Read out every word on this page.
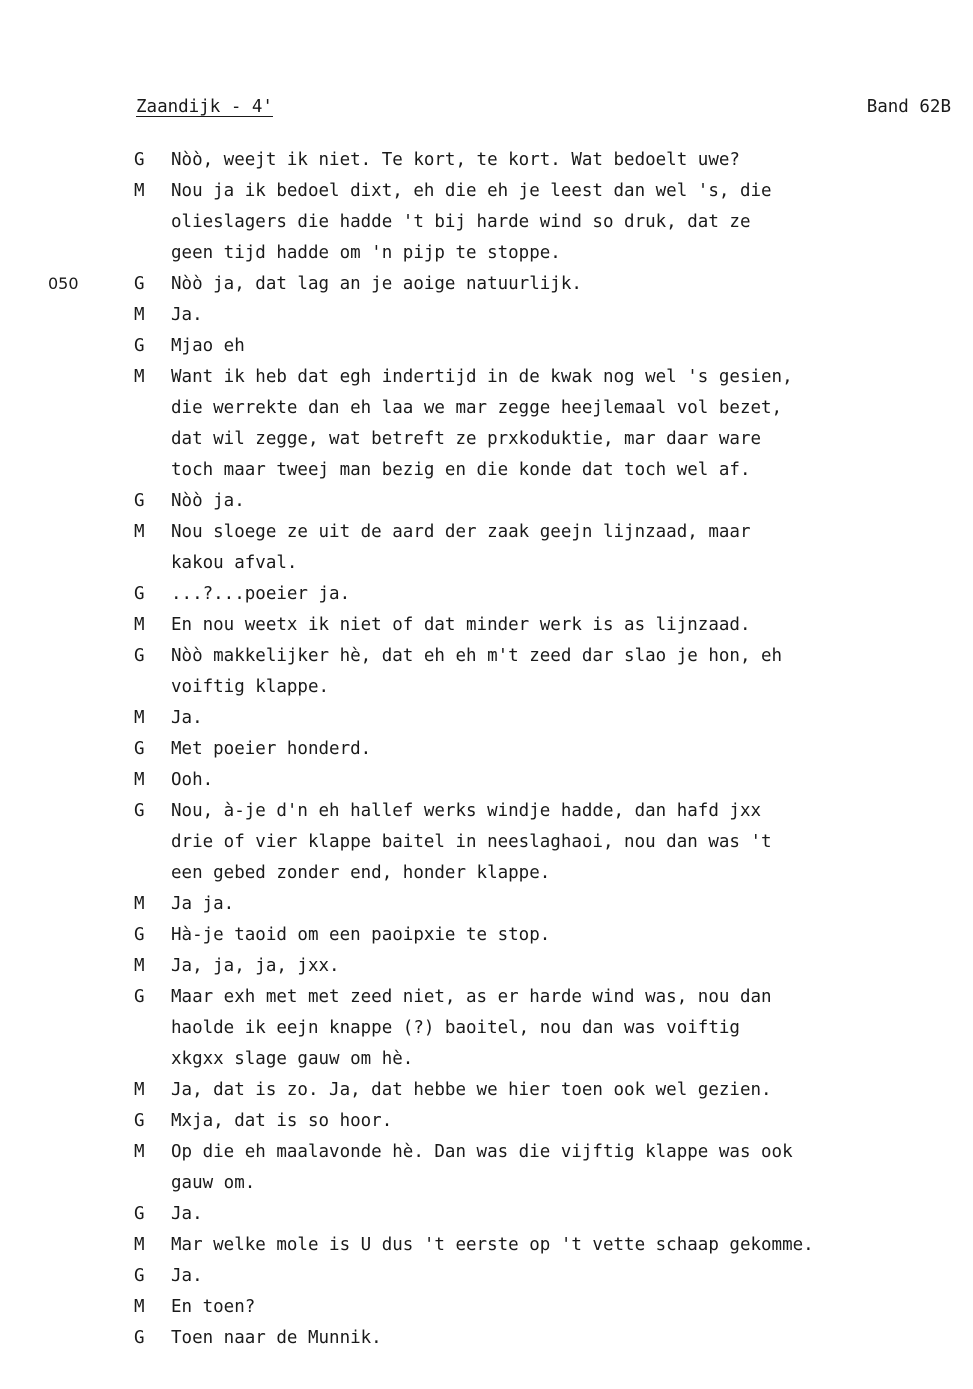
Zaandijk - 4'	Band 62B
G Nòò, weejt ik niet. Te kort, te kort. Wat bedoelt uwe?
M Nou ja ik bedoel dixt, eh die eh je leest dan wel 's, die
olieslagers die hadde 't bij harde wind so druk, dat ze
geen tijd hadde om 'n pijp te stoppe.
050	G Nòò ja, dat lag an je aoige natuurlijk.
M Ja.
G Mjao eh
M Want ik heb dat egh indertijd in de kwak nog wel 's gesien,
die werrekte dan eh laa we mar zegge heejlemaal vol bezet,
dat wil zegge, wat betreft ze prxkoduktie, mar daar ware
toch maar tweej man bezig en die konde dat toch wel af.
G Nòò ja.
M Nou sloege ze uit de aard der zaak geejn lijnzaad, maar
kakou afval.
G ...?...poeier ja.
M En nou weetx ik niet of dat minder werk is as lijnzaad.
G Nòò makkelijker hè, dat eh eh m't zeed dar slao je hon, eh
voiftig klappe.
M Ja.
G Met poeier honderd.
M Ooh.
G Nou, à-je d'n eh hallef werks windje hadde, dan hafd jxx
drie of vier klappe baitel in neeslaghaoi, nou dan was 't
een gebed zonder end, honder klappe.
M Ja ja.
G Hà-je taoid om een paoipxie te stop.
M Ja, ja, ja, jxx.
G Maar exh met met zeed niet, as er harde wind was, nou dan
haolde ik eejn knappe (?) baoitel, nou dan was voiftig
xkgxx slage gauw om hè.
M Ja, dat is zo. Ja, dat hebbe we hier toen ook wel gezien.
G Mxja, dat is so hoor.
M Op die eh maalavonde hè. Dan was die vijftig klappe was ook
gauw om.
G Ja.
M Mar welke mole is U dus 't eerste op 't vette schaap gekomme.
G Ja.
M En toen?
G Toen naar de Munnik.
